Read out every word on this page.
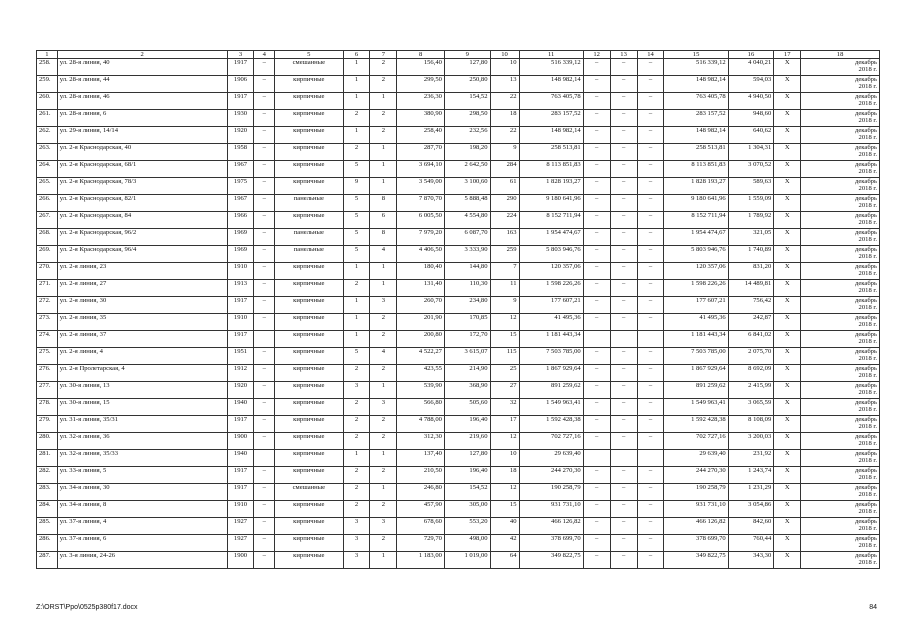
1	2	3	4	5	6	7	8	9	10	11	12	13	14	15	16	17	18
258.	ул. 28-я линия, 40	1917	–	смешанные	1	2	156,40	127,80	10	516 339,12	–	–	–	516 339,12	4 040,21	Х	декабрь
2018 г.

259.	ул. 28-я линия, 44	1906	–	кирпичные	1	2	299,50	250,80	13	148 982,14	–	–	–	148 982,14	594,03	Х	декабрь
2018 г.

260.	ул. 28-я линия, 46	1917	–	кирпичные	1	1	236,30	154,52	22	763 405,78	–	–	–	763 405,78	4 940,50	Х	декабрь
2018 г.

261.	ул. 28-я линия, 6	1930	–	кирпичные	2	2	380,90	298,50	18	283 157,52	–	–	–	283 157,52	948,60	Х	декабрь
2018 г.

262.	ул. 29-я линия, 14/14	1920	–	кирпичные	1	2	258,40	232,56	22	148 982,14	–	–	–	148 982,14	640,62	Х	декабрь
2018 г.

263.	ул. 2-я Краснодарская, 40	1958	–	кирпичные	2	1	287,70	198,20	9	258 513,81	–	–	–	258 513,81	1 304,31	Х	декабрь
2018 г.

264.	ул. 2-я Краснодарская, 68/1	1967	–	кирпичные	5	1	3 694,10	2 642,50	284	8 113 851,83	–	–	–	8 113 851,83	3 070,52	Х	декабрь
2018 г.

265.	ул. 2-я Краснодарская, 78/3	1975	–	кирпичные	9	1	3 549,00	3 100,60	61	1 828 193,27	–	–	–	1 828 193,27	589,63	Х	декабрь
2018 г.

266.	ул. 2-я Краснодарская, 82/1	1967	–	панельные	5	8	7 870,70	5 888,48	290	9 180 641,96	–	–	–	9 180 641,96	1 559,09	Х	декабрь
2018 г.

267.	ул. 2-я Краснодарская, 84	1966	–	кирпичные	5	6	6 005,50	4 554,80	224	8 152 711,94	–	–	–	8 152 711,94	1 789,92	Х	декабрь
2018 г.

268.	ул. 2-я Краснодарская, 96/2	1969	–	панельные	5	8	7 979,20	6 087,70	163	1 954 474,67	–	–	–	1 954 474,67	321,05	Х	декабрь
2018 г.

269.	ул. 2-я Краснодарская, 96/4	1969	–	панельные	5	4	4 406,50	3 333,90	259	5 803 946,76	–	–	–	5 803 946,76	1 740,89	Х	декабрь
2018 г.

270.	ул. 2-я линия, 23	1910	–	кирпичные	1	1	180,40	144,80	7	120 357,06	–	–	–	120 357,06	831,20	Х	декабрь
2018 г.

271.	ул. 2-я линия, 27	1913	–	кирпичные	2	1	131,40	110,30	11	1 598 226,26	–	–	–	1 598 226,26	14 489,81	Х	декабрь
2018 г.

272.	ул. 2-я линия, 30	1917	–	кирпичные	1	3	260,70	234,80	9	177 607,21	–	–	–	177 607,21	756,42	Х	декабрь
2018 г.

273.	ул. 2-я линия, 35	1910	–	кирпичные	1	2	201,90	170,85	12	41 495,36	–	–	–	41 495,36	242,87	Х	декабрь
2018 г.

274.	ул. 2-я линия, 37	1917		кирпичные	1	2	200,80	172,70	15	1 181 443,34				1 181 443,34	6 841,02	Х	декабрь
2018 г.

275.	ул. 2-я линия, 4	1951	–	кирпичные	5	4	4 522,27	3 615,07	115	7 503 785,00	–	–	–	7 503 785,00	2 075,70	Х	декабрь
2018 г.

276.	ул. 2-я Пролетарская, 4	1912	–	кирпичные	2	2	423,55	214,90	25	1 867 929,64	–	–	–	1 867 929,64	8 692,09	Х	декабрь
2018 г.

277.	ул. 30-я линия, 13	1920	–	кирпичные	3	1	539,90	368,90	27	891 259,62	–	–	–	891 259,62	2 415,99	Х	декабрь
2018 г.

278.	ул. 30-я линия, 15	1940	–	кирпичные	2	3	566,80	505,60	32	1 549 963,41	–	–	–	1 549 963,41	3 065,59	Х	декабрь
2018 г.

279.	ул. 31-я линия, 35/31	1917	–	кирпичные	2	2	4 788,00	196,40	17	1 592 428,38	–	–	–	1 592 428,38	8 108,09	Х	декабрь
2018 г.

280.	ул. 32-я линия, 36	1900	–	кирпичные	2	2	312,30	219,60	12	702 727,16	–	–	–	702 727,16	3 200,03	Х	декабрь
2018 г.

281.	ул. 32-я линия, 35/33	1940		кирпичные	1	1	137,40	127,80	10	29 639,40				29 639,40	231,92	Х	декабрь
2018 г.

282.	ул. 33-я линия, 5	1917	–	кирпичные	2	2	210,50	196,40	18	244 270,30	–	–	–	244 270,30	1 243,74	Х	декабрь
2018 г.

283.	ул. 34-я линия, 30	1917	–	смешанные	2	1	246,80	154,52	12	190 258,79	–	–	–	190 258,79	1 231,29	Х	декабрь
2018 г.

284.	ул. 34-я линия, 8	1910	–	кирпичные	2	2	457,90	305,00	15	931 731,10	–	–	–	931 731,10	3 054,86	Х	декабрь
2018 г.

285.	ул. 37-я линия, 4	1927	–	кирпичные	3	3	678,60	553,20	40	466 126,82	–	–	–	466 126,82	842,60	Х	декабрь
2018 г.

286.	ул. 37-я линия, 6	1927	–	кирпичные	3	2	729,70	498,00	42	378 699,70	–	–	–	378 699,70	760,44	Х	декабрь
2018 г.

287.	ул. 3-я линия, 24-26	1900	–	кирпичные	3	1	1 183,00	1 019,00	64	349 822,75	–	–	–	349 822,75	343,30	Х	декабрь
2018 г.
Z:\ORST\Ppo\0525p380f17.docx	84
